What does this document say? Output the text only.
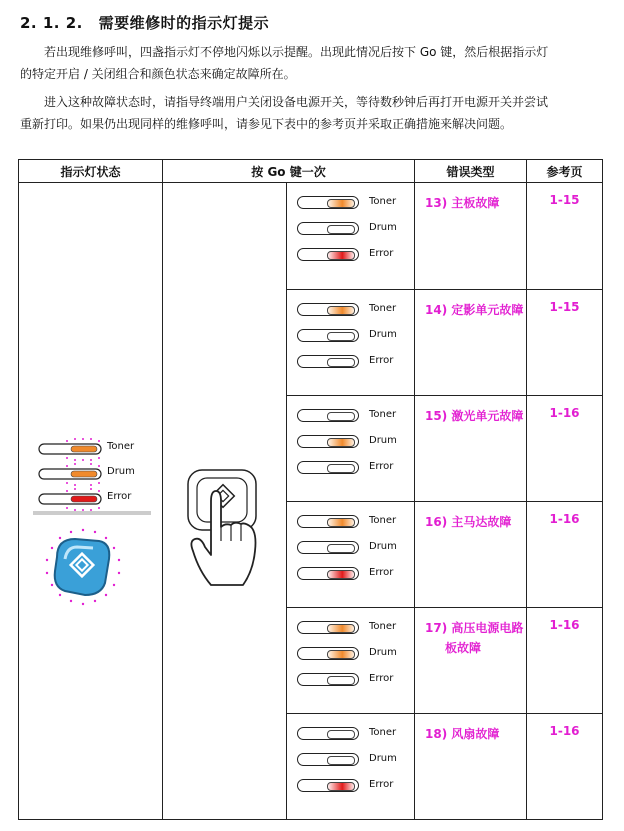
2. 1. 2. 需要维修时的指示灯提示
若出现维修呼叫，四盏指示灯不停地闪烁以示提醒。出现此情况后按下 Go 键，然后根据指示灯
的特定开启 / 关闭组合和颜色状态来确定故障所在。
进入这种故障状态时，请指导终端用户关闭设备电源开关，等待数秒钟后再打开电源开关并尝试
重新打印。如果仍出现同样的维修呼叫，请参见下表中的参考页并采取正确措施来解决问题。
指示灯状态	按 Go 键一次		错误类型	参考页

Toner
Drum
Error		Toner
Drum
Error	13) 主板故障	1-15

		Toner
Drum
Error	14) 定影单元故障	1-15

		Toner
Drum
Error	15) 激光单元故障	1-16

		Toner
Drum
Error	16) 主马达故障	1-16

		Toner
Drum
Error	17) 高压电源电路
板故障	1-16

		Toner
Drum
Error	18) 风扇故障	1-16
